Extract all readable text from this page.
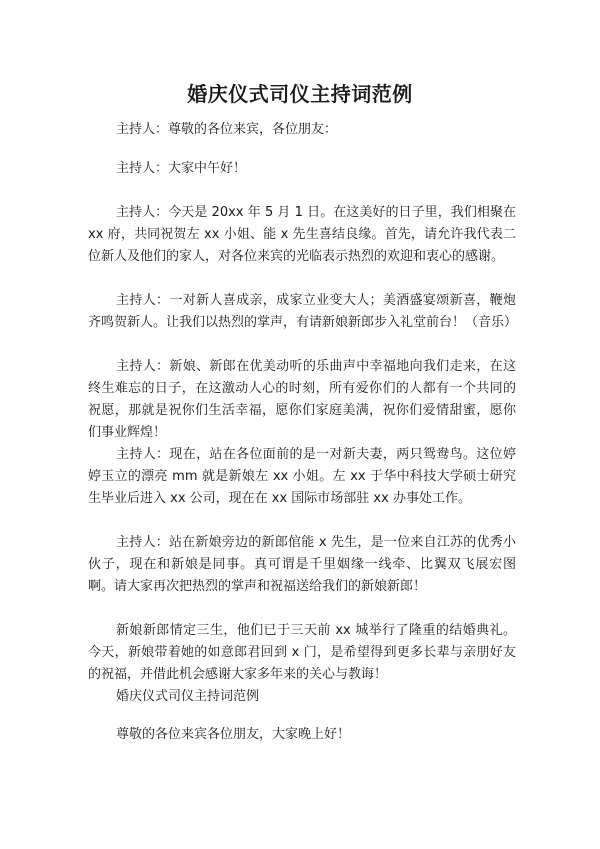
婚庆仪式司仪主持词范例

主持人：尊敬的各位来宾，各位朋友：

主持人：大家中午好！

主持人：今天是 20xx 年 5 月 1 日。在这美好的日子里，我们相聚在 xx 府，共同祝贺左 xx 小姐、能 x 先生喜结良缘。首先，请允许我代表二位新人及他们的家人，对各位来宾的光临表示热烈的欢迎和衷心的感谢。

主持人：一对新人喜成亲，成家立业变大人；美酒盛宴颂新喜，鞭炮齐鸣贺新人。让我们以热烈的掌声，有请新娘新郎步入礼堂前台！（音乐）

主持人：新娘、新郎在优美动听的乐曲声中幸福地向我们走来，在这终生难忘的日子，在这激动人心的时刻，所有爱你们的人都有一个共同的祝愿，那就是祝你们生活幸福，愿你们家庭美满，祝你们爱情甜蜜，愿你们事业辉煌！

主持人：现在，站在各位面前的是一对新夫妻，两只鸳鸯鸟。这位婷婷玉立的漂亮 mm 就是新娘左 xx 小姐。左 xx 于华中科技大学硕士研究生毕业后进入 xx 公司，现在在 xx 国际市场部驻 xx 办事处工作。

主持人：站在新娘旁边的新郎倌能 x 先生，是一位来自江苏的优秀小伙子，现在和新娘是同事。真可谓是千里姻缘一线牵、比翼双飞展宏图啊。请大家再次把热烈的掌声和祝福送给我们的新娘新郎！

新娘新郎情定三生，他们已于三天前 xx 城举行了隆重的结婚典礼。今天，新娘带着她的如意郎君回到 x 门，是希望得到更多长辈与亲朋好友的祝福，并借此机会感谢大家多年来的关心与教诲！

婚庆仪式司仪主持词范例

尊敬的各位来宾各位朋友，大家晚上好！
